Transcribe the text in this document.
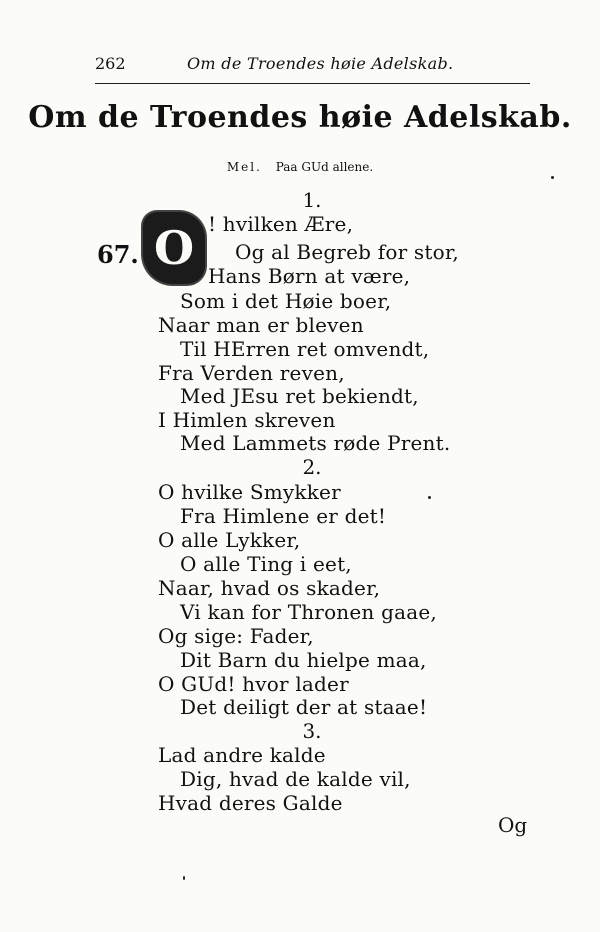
262	Om de Troendes høie Adelskab.
Om de Troendes høie Adelskab.
Mel. Paa GUd allene.
1.
67. O ! hvilken Ære,
Og al Begreb for stor,
Hans Børn at være,
Som i det Høie boer,
Naar man er bleven
Til HErren ret omvendt,
Fra Verden reven,
Med JEsu ret bekiendt,
I Himlen skreven
Med Lammets røde Prent.
2.
O hvilke Smykker
Fra Himlene er det!
O alle Lykker,
O alle Ting i eet,
Naar, hvad os skader,
Vi kan for Thronen gaae,
Og sige: Fader,
Dit Barn du hielpe maa,
O GUd! hvor lader
Det deiligt der at staae!
3.
Lad andre kalde
Dig, hvad de kalde vil,
Hvad deres Galde
Og
